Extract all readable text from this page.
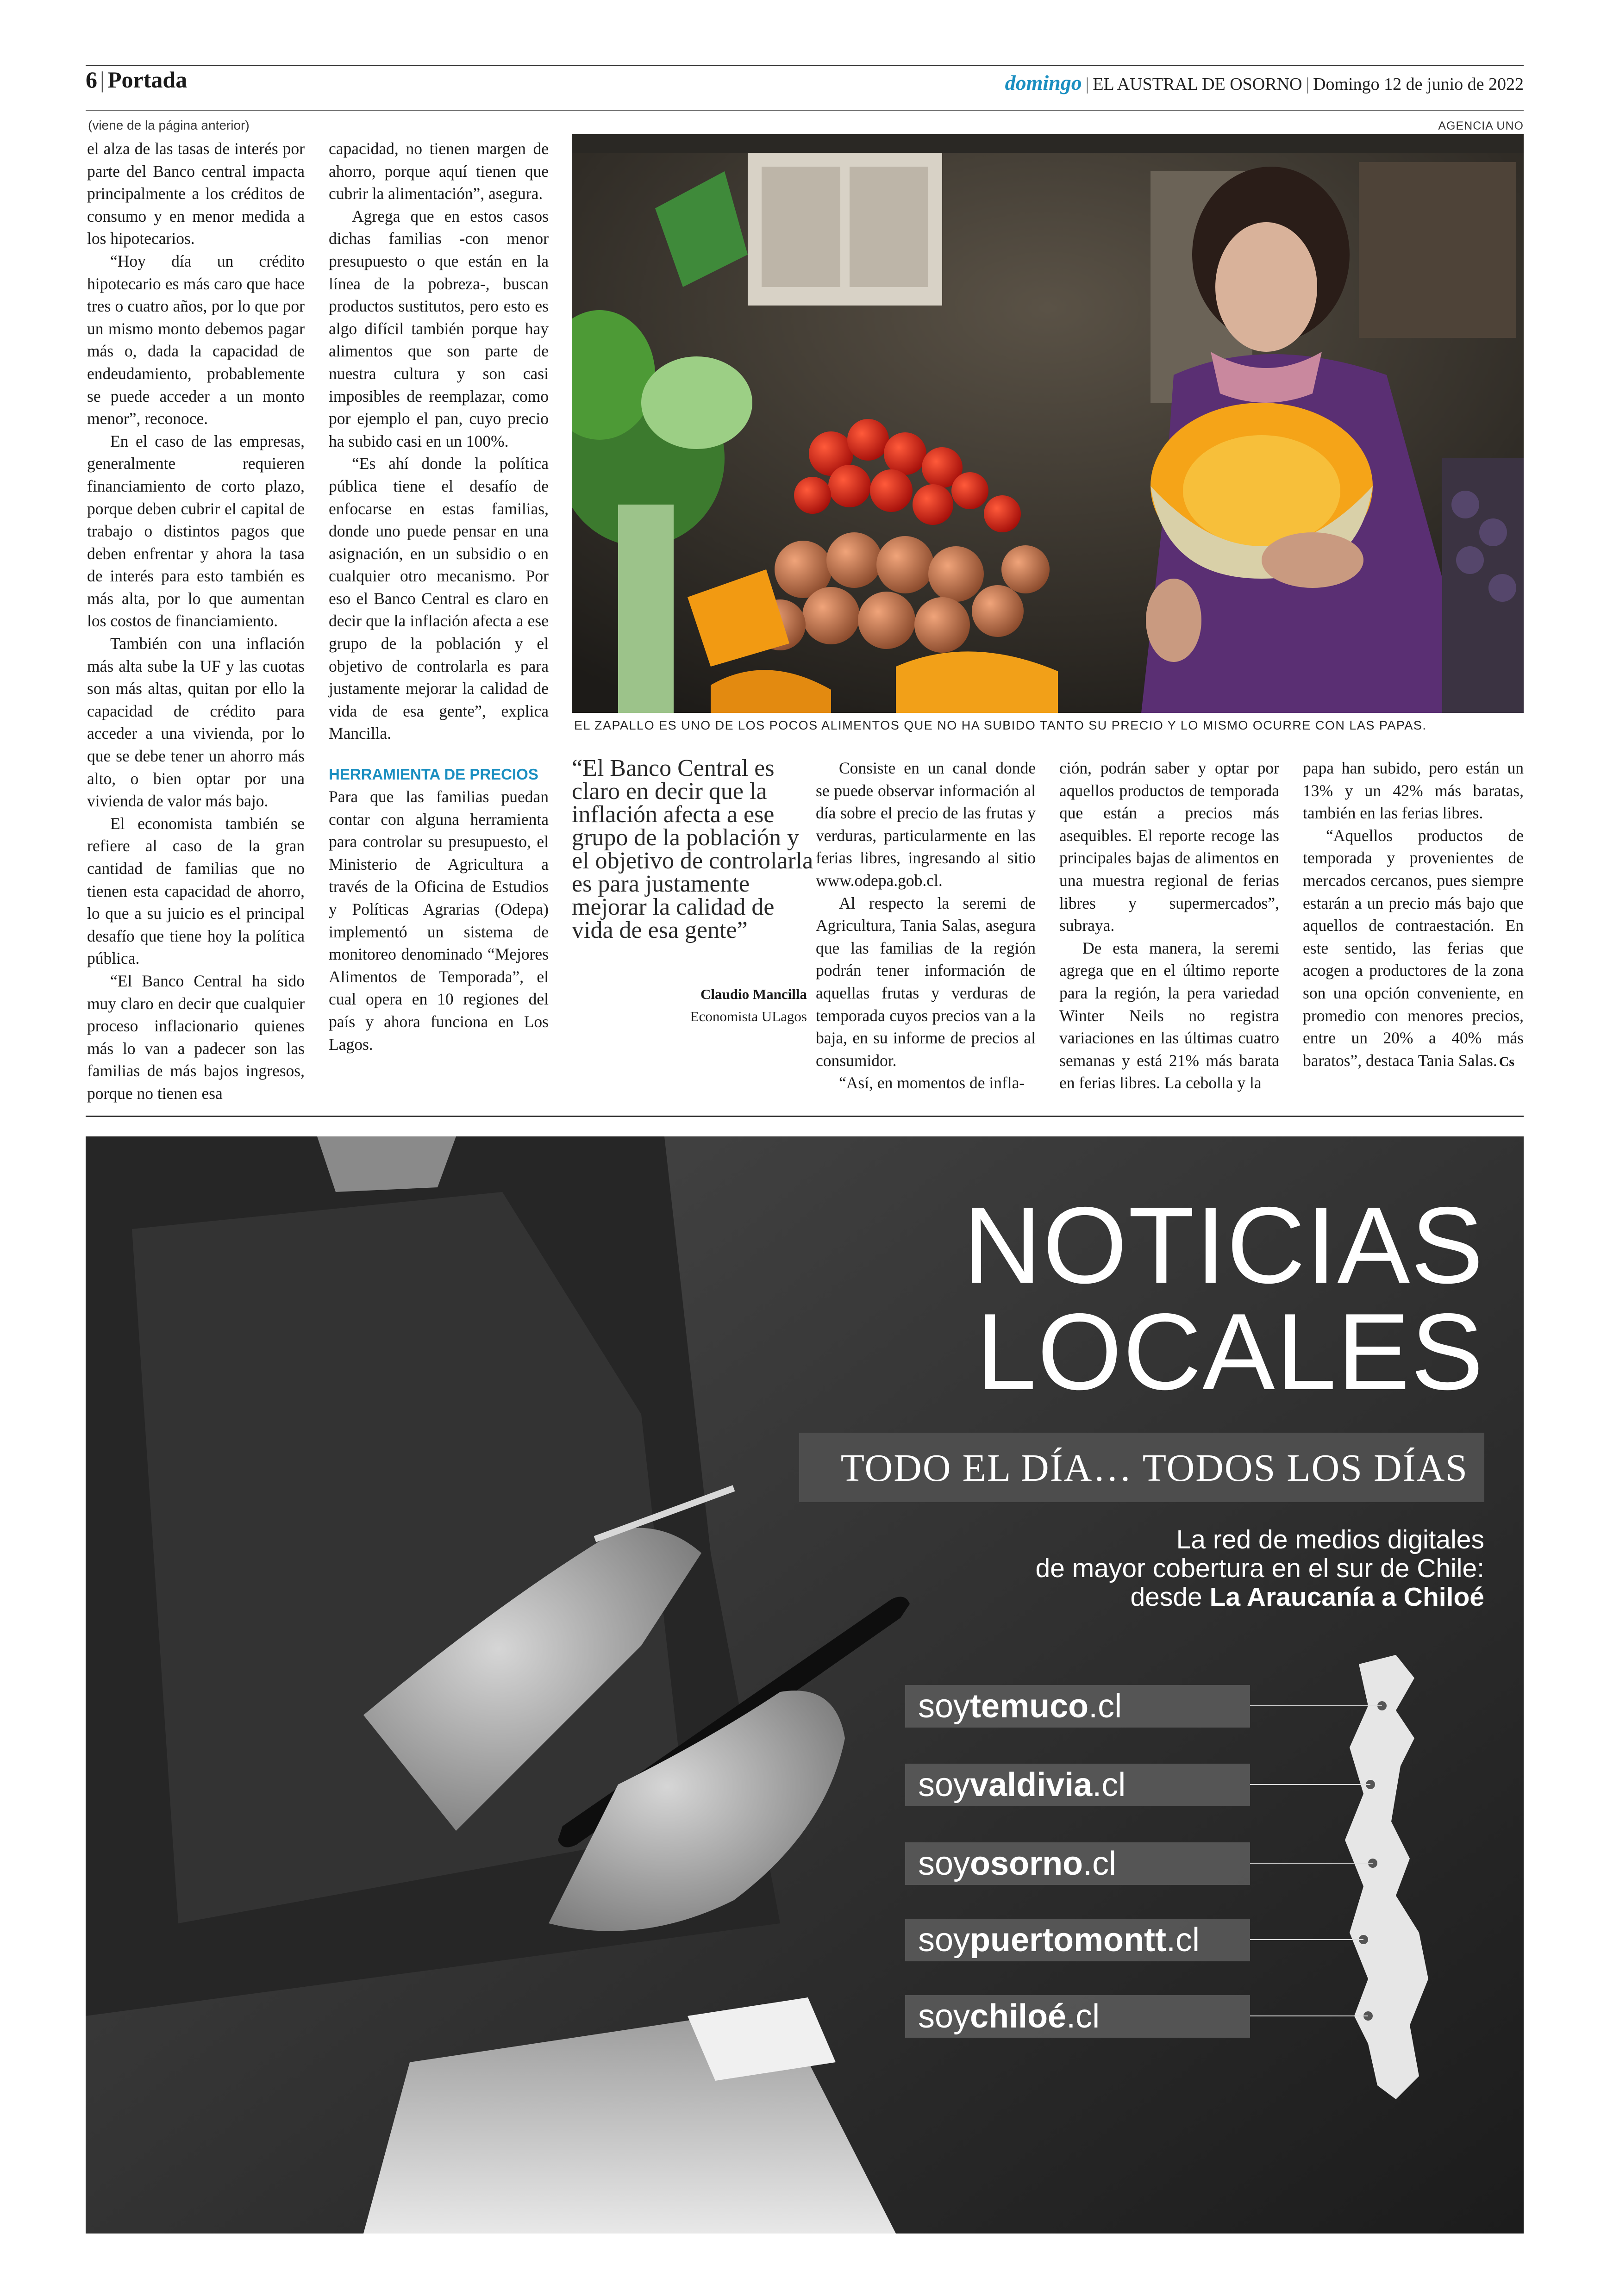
6 | Portada	domingo | EL AUSTRAL DE OSORNO | Domingo 12 de junio de 2022
(viene de la página anterior)	AGENCIA UNO

el alza de las tasas de interés por parte del Banco central impacta principalmente a los créditos de consumo y en menor medida a los hipotecarios.

“Hoy día un crédito hipotecario es más caro que hace tres o cuatro años, por lo que por un mismo monto debemos pagar más o, dada la capacidad de endeudamiento, probablemente se puede acceder a un monto menor”, reconoce.

En el caso de las empresas, generalmente requieren financiamiento de corto plazo, porque deben cubrir el capital de trabajo o distintos pagos que deben enfrentar y ahora la tasa de interés para esto también es más alta, por lo que aumentan los costos de financiamiento.

También con una inflación más alta sube la UF y las cuotas son más altas, quitan por ello la capacidad de crédito para acceder a una vivienda, por lo que se debe tener un ahorro más alto, o bien optar por una vivienda de valor más bajo.

El economista también se refiere al caso de la gran cantidad de familias que no tienen esta capacidad de ahorro, lo que a su juicio es el principal desafío que tiene hoy la política pública.

“El Banco Central ha sido muy claro en decir que cualquier proceso inflacionario quienes más lo van a padecer son las familias de más bajos ingresos, porque no tienen esa

capacidad, no tienen margen de ahorro, porque aquí tienen que cubrir la alimentación”, asegura.

Agrega que en estos casos dichas familias -con menor presupuesto o que están en la línea de la pobreza-, buscan productos sustitutos, pero esto es algo difícil también porque hay alimentos que son parte de nuestra cultura y son casi imposibles de reemplazar, como por ejemplo el pan, cuyo precio ha subido casi en un 100%.

“Es ahí donde la política pública tiene el desafío de enfocarse en estas familias, donde uno puede pensar en una asignación, en un subsidio o en cualquier otro mecanismo. Por eso el Banco Central es claro en decir que la inflación afecta a ese grupo de la población y el objetivo de controlarla es para justamente mejorar la calidad de vida de esa gente”, explica Mancilla.

HERRAMIENTA DE PRECIOS

Para que las familias puedan contar con alguna herramienta para controlar su presupuesto, el Ministerio de Agricultura a través de la Oficina de Estudios y Políticas Agrarias (Odepa) implementó un sistema de monitoreo denominado “Mejores Alimentos de Temporada”, el cual opera en 10 regiones del país y ahora funciona en Los Lagos.

EL ZAPALLO ES UNO DE LOS POCOS ALIMENTOS QUE NO HA SUBIDO TANTO SU PRECIO Y LO MISMO OCURRE CON LAS PAPAS.
“El Banco Central es claro en decir que la inflación afecta a ese grupo de la población y el objetivo de controlarla es para justamente mejorar la calidad de vida de esa gente”
Claudio Mancilla
Economista ULagos

Consiste en un canal donde se puede observar información al día sobre el precio de las frutas y verduras, particularmente en las ferias libres, ingresando al sitio www.odepa.gob.cl.

Al respecto la seremi de Agricultura, Tania Salas, asegura que las familias de la región podrán tener información de aquellas frutas y verduras de temporada cuyos precios van a la baja, en su informe de precios al consumidor.

“Así, en momentos de infla-

ción, podrán saber y optar por aquellos productos de temporada que están a precios más asequibles. El reporte recoge las principales bajas de alimentos en una muestra regional de ferias libres y supermercados”, subraya.

De esta manera, la seremi agrega que en el último reporte para la región, la pera variedad Winter Neils no registra variaciones en las últimas cuatro semanas y está 21% más barata en ferias libres. La cebolla y la

papa han subido, pero están un 13% y un 42% más baratas, también en las ferias libres.

“Aquellos productos de temporada y provenientes de mercados cercanos, pues siempre estarán a un precio más bajo que aquellos de contraestación. En este sentido, las ferias que acogen a productores de la zona son una opción conveniente, en promedio con menores precios, entre un 20% a 40% más baratos”, destaca Tania Salas. Cs

NOTICIAS
LOCALES
TODO EL DÍA… TODOS LOS DÍAS
La red de medios digitales
de mayor cobertura en el sur de Chile:
desde La Araucanía a Chiloé
soytemuco.cl
soyvaldivia.cl
soyosorno.cl
soypuertomontt.cl
soychiloé.cl
